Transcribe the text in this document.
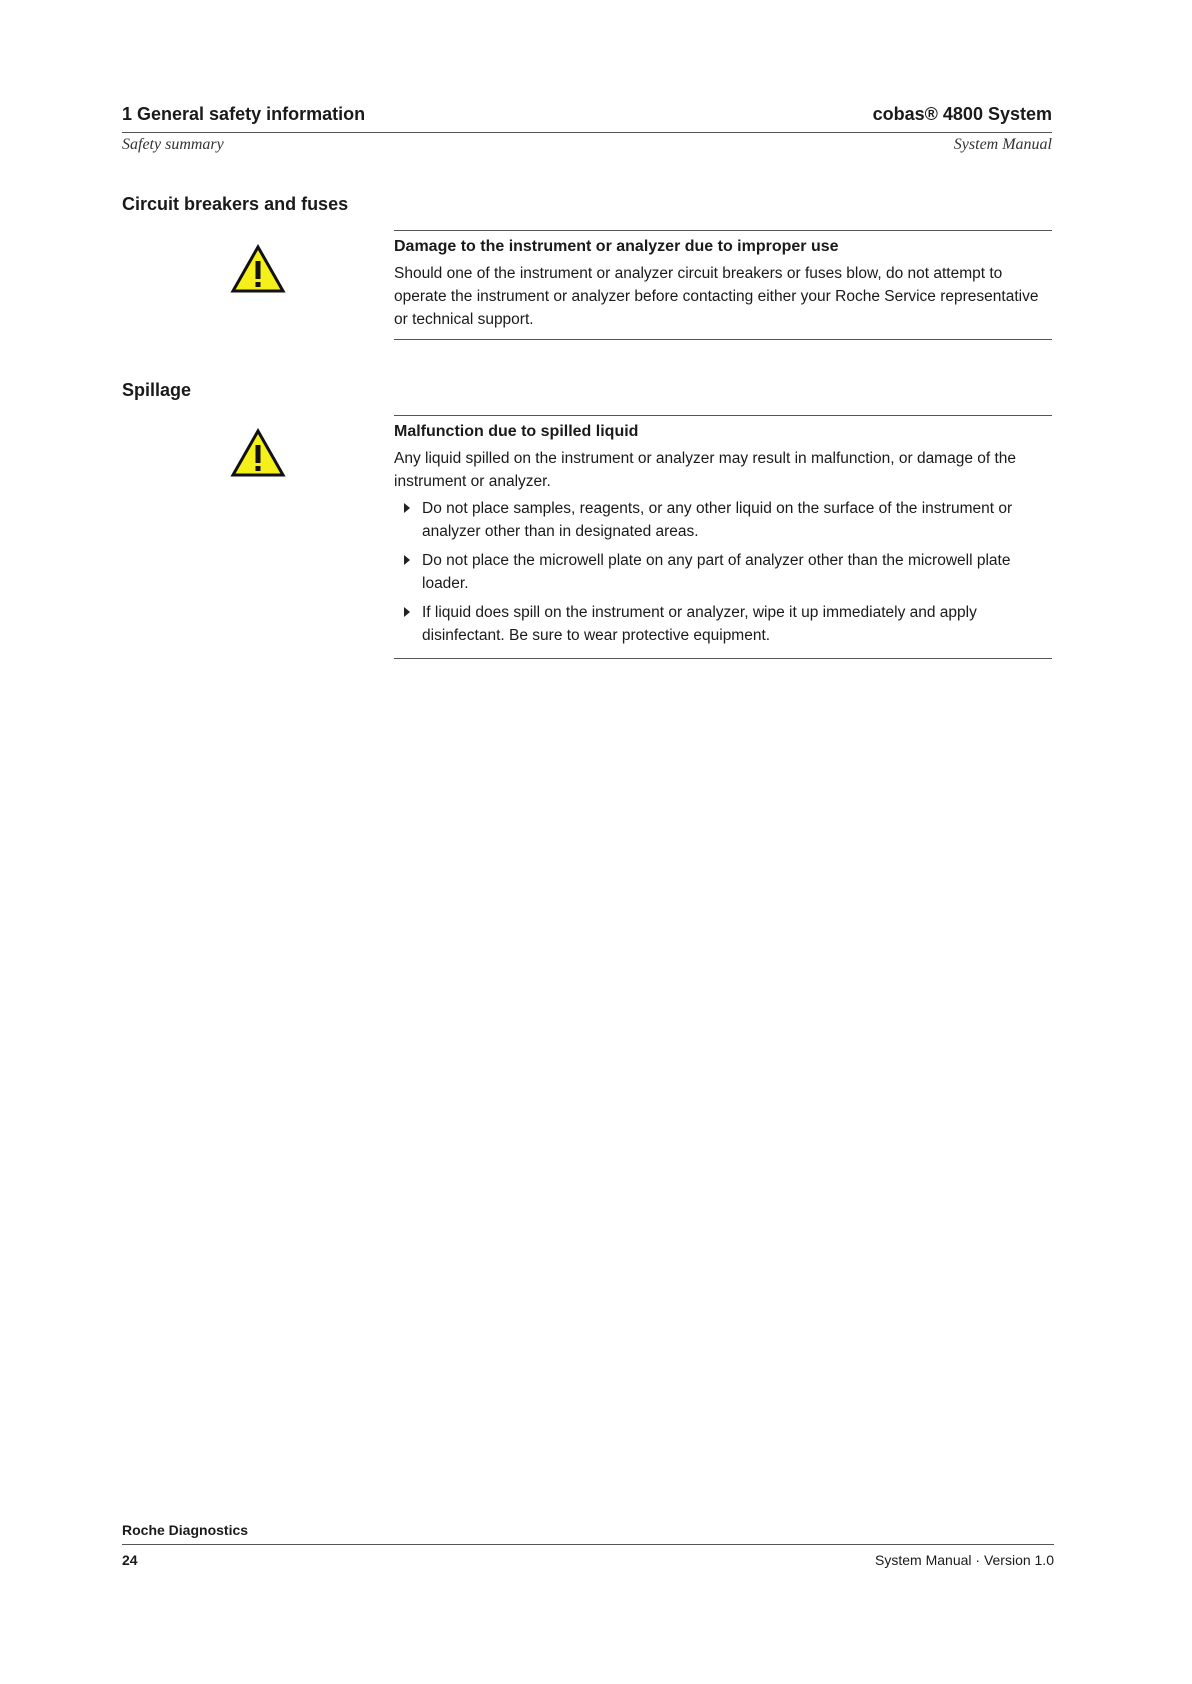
1 General safety information	cobas® 4800 System
Safety summary	System Manual
Circuit breakers and fuses

Damage to the instrument or analyzer due to improper use

Should one of the instrument or analyzer circuit breakers or fuses blow, do not attempt to operate the instrument or analyzer before contacting either your Roche Service representative or technical support.

Spillage

Malfunction due to spilled liquid

Any liquid spilled on the instrument or analyzer may result in malfunction, or damage of the instrument or analyzer.

Do not place samples, reagents, or any other liquid on the surface of the instrument or analyzer other than in designated areas.
Do not place the microwell plate on any part of analyzer other than the microwell plate loader.
If liquid does spill on the instrument or analyzer, wipe it up immediately and apply disinfectant. Be sure to wear protective equipment.
Roche Diagnostics
24	System Manual · Version 1.0
